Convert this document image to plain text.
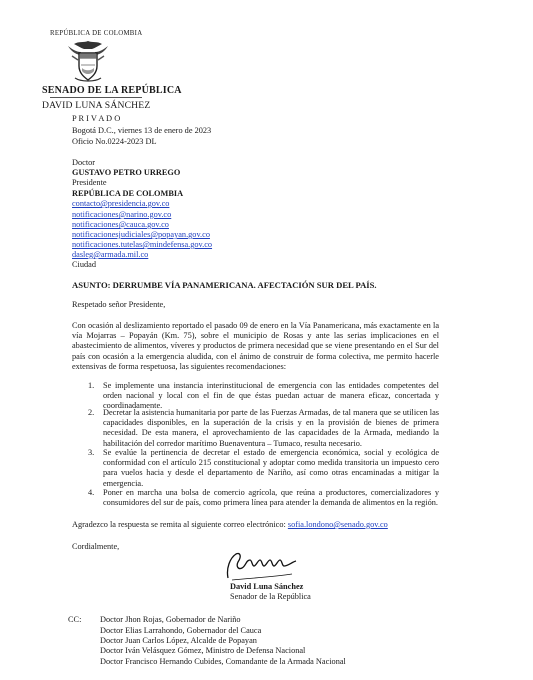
REPÚBLICA DE COLOMBIA
SENADO DE LA REPÚBLICA
DAVID LUNA SÁNCHEZ
P R I V A D O
Bogotá D.C., viernes 13 de enero de 2023
Oficio No.0224-2023 DL
Doctor
GUSTAVO PETRO URREGO
Presidente
REPÚBLICA DE COLOMBIA
contacto@presidencia.gov.co
notificaciones@narino.gov.co
notificaciones@cauca.gov.co
notificacionesjudiciales@popayan.gov.co
notificaciones.tutelas@mindefensa.gov.co
dasleg@armada.mil.co
Ciudad
ASUNTO: DERRUMBE VÍA PANAMERICANA. AFECTACIÓN SUR DEL PAÍS.
Respetado señor Presidente,
Con ocasión al deslizamiento reportado el pasado 09 de enero en la Vía Panamericana, más exactamente en la vía Mojarras – Popayán (Km. 75), sobre el municipio de Rosas y ante las serias implicaciones en el abastecimiento de alimentos, víveres y productos de primera necesidad que se viene presentando en el Sur del país con ocasión a la emergencia aludida, con el ánimo de construir de forma colectiva, me permito hacerle extensivas de forma respetuosa, las siguientes recomendaciones:
1.	Se implemente una instancia interinstitucional de emergencia con las entidades competentes del orden nacional y local con el fin de que éstas puedan actuar de manera eficaz, concertada y coordinadamente.
2.	Decretar la asistencia humanitaria por parte de las Fuerzas Armadas, de tal manera que se utilicen las capacidades disponibles, en la superación de la crisis y en la provisión de bienes de primera necesidad. De esta manera, el aprovechamiento de las capacidades de la Armada, mediando la habilitación del corredor marítimo Buenaventura – Tumaco, resulta necesario.
3.	Se evalúe la pertinencia de decretar el estado de emergencia económica, social y ecológica de conformidad con el artículo 215 constitucional y adoptar como medida transitoria un impuesto cero para vuelos hacia y desde el departamento de Nariño, así como otras encaminadas a mitigar la emergencia.
4.	Poner en marcha una bolsa de comercio agrícola, que reúna a productores, comercializadores y consumidores del sur de país, como primera línea para atender la demanda de alimentos en la región.
Agradezco la respuesta se remita al siguiente correo electrónico: sofia.londono@senado.gov.co
Cordialmente,
David Luna Sánchez
Senador de la República
CC: Doctor Jhon Rojas, Gobernador de Nariño
Doctor Elias Larrahondo, Gobernador del Cauca
Doctor Juan Carlos López, Alcalde de Popayan
Doctor Iván Velásquez Gómez, Ministro de Defensa Nacional
Doctor Francisco Hernando Cubides, Comandante de la Armada Nacional
